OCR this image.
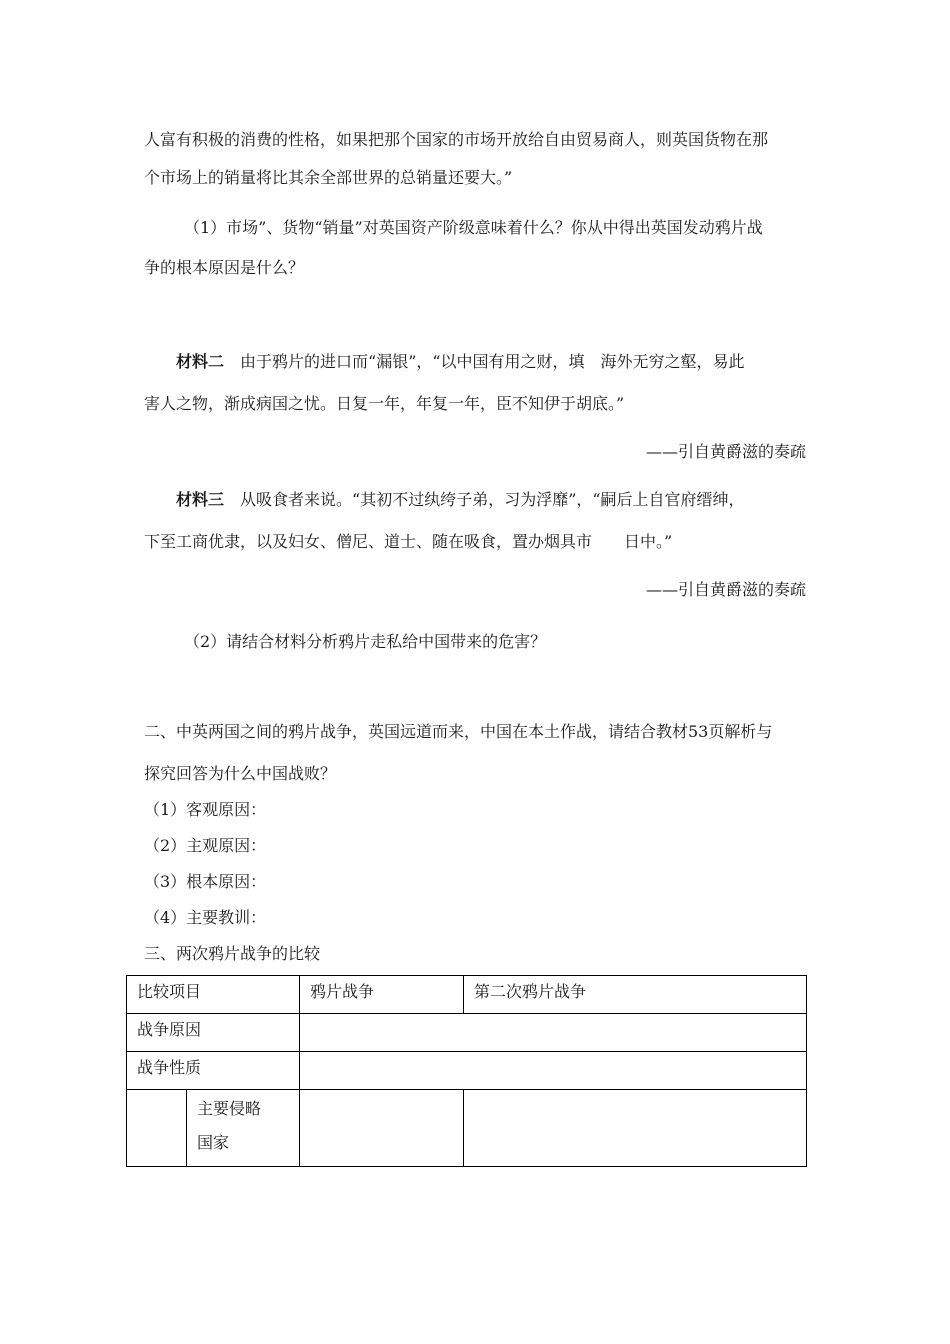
人富有积极的消费的性格，如果把那个国家的市场开放给自由贸易商人，则英国货物在那
个市场上的销量将比其余全部世界的总销量还要大。”
（1）市场”、货物“销量”对英国资产阶级意味着什么？你从中得出英国发动鸦片战
争的根本原因是什么？
材料二 由于鸦片的进口而“漏银”，“以中国有用之财，填　海外无穷之壑，易此
害人之物，渐成病国之忧。日复一年，年复一年，臣不知伊于胡底。”
——引自黄爵滋的奏疏
材料三 从吸食者来说。“其初不过纨绔子弟，习为浮靡”，“嗣后上自官府缙绅，
下至工商优隶，以及妇女、僧尼、道士、随在吸食，置办烟具市　　日中。”
——引自黄爵滋的奏疏
（2）请结合材料分析鸦片走私给中国带来的危害？
二、中英两国之间的鸦片战争，英国远道而来，中国在本土作战，请结合教材53页解析与
探究回答为什么中国战败？
（1）客观原因：
（2）主观原因：
（3）根本原因：
（4）主要教训：
三、两次鸦片战争的比较
比较项目		鸦片战争	第二次鸦片战争
战争原因			
战争性质			
	主要侵略
国家		
